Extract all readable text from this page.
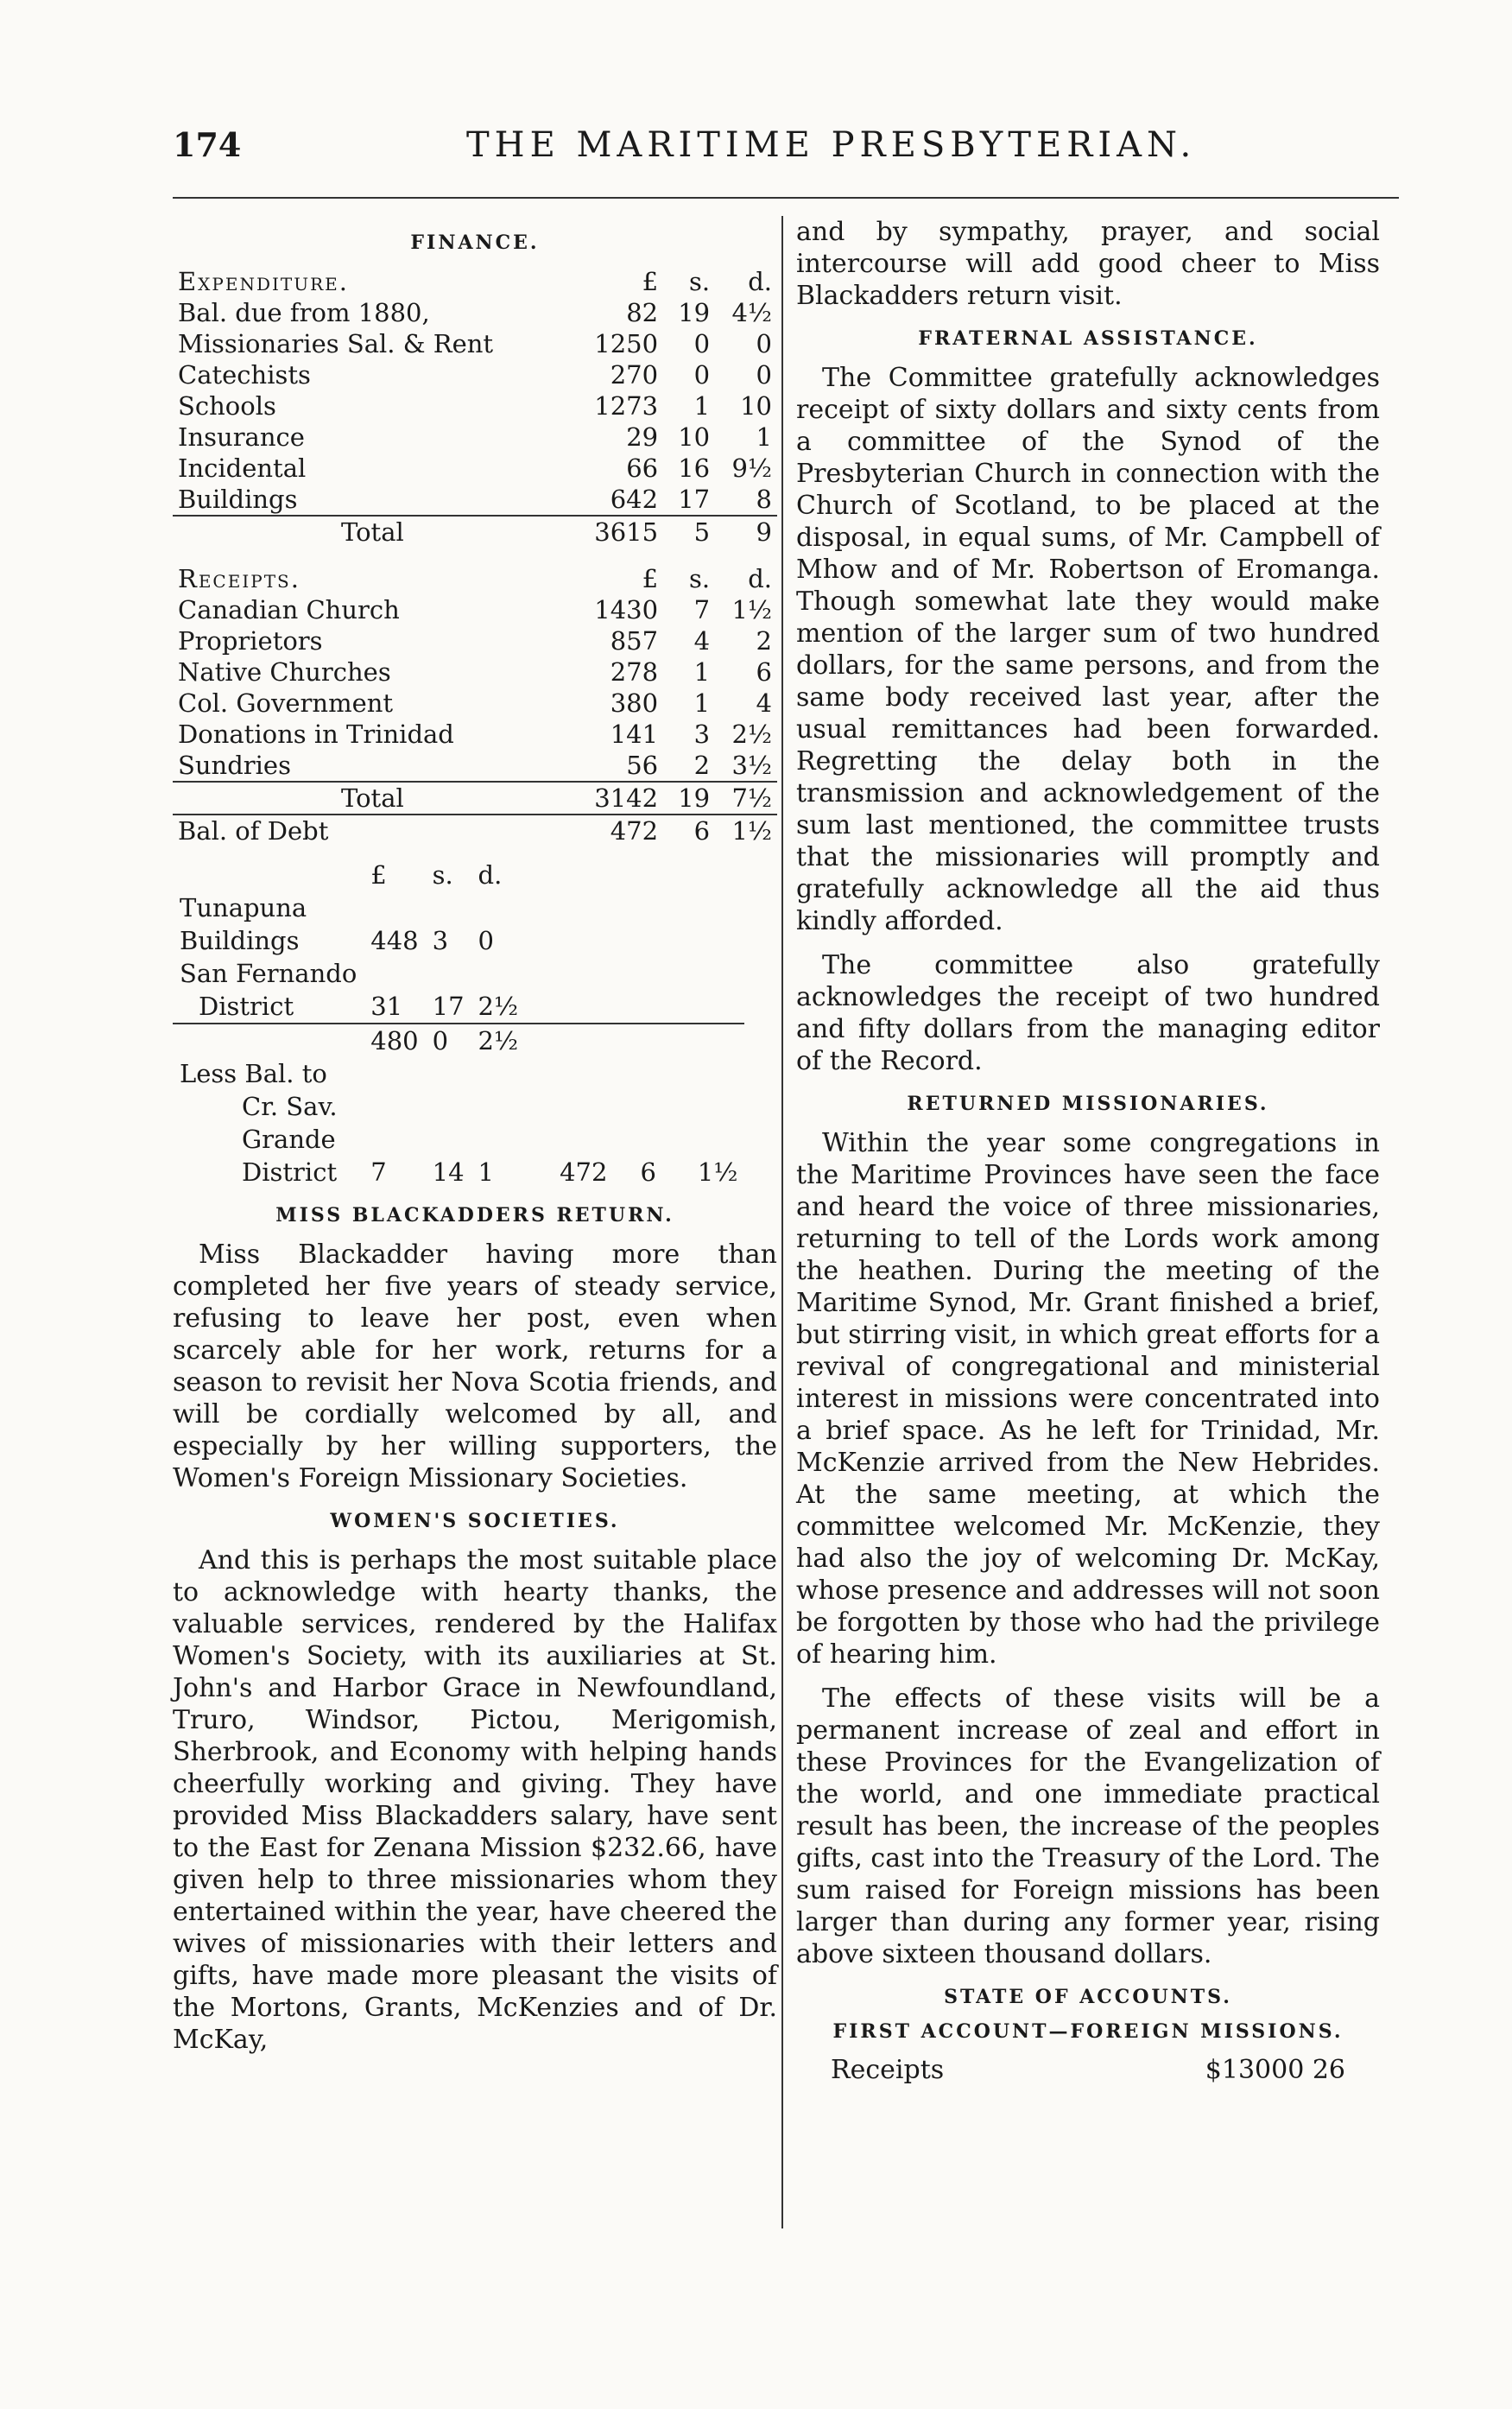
174	THE MARITIME PRESBYTERIAN.
FINANCE.
Expenditure.	£	s.	d.
Bal. due from 1880,	82	19	4½
Missionaries Sal. & Rent	1250	0	0
Catechists	270	0	0
Schools	1273	1	10
Insurance	29	10	1
Incidental	66	16	9½
Buildings	642	17	8
Total	3615	5	9

Receipts.	£	s.	d.
Canadian Church	1430	7	1½
Proprietors	857	4	2
Native Churches	278	1	6
Col. Government	380	1	4
Donations in Trinidad	141	3	2½
Sundries	56	2	3½
Total	3142	19	7½
Bal. of Debt	472	6	1½
	£	s.	d.			
Tunapuna						
Buildings	448	3	0			
San Fernando						
District	31	17	2½			
	480	0	2½			
Less Bal. to						
Cr. Sav.						
Grande						
District	7	14	1	472	6	1½
MISS BLACKADDERS RETURN.

Miss Blackadder having more than completed her five years of steady service, refusing to leave her post, even when scarcely able for her work, returns for a season to revisit her Nova Scotia friends, and will be cordially welcomed by all, and especially by her willing supporters, the Women's Foreign Missionary Societies.

WOMEN'S SOCIETIES.

And this is perhaps the most suitable place to acknowledge with hearty thanks, the valuable services, rendered by the Halifax Women's Society, with its auxiliaries at St. John's and Harbor Grace in Newfoundland, Truro, Windsor, Pictou, Merigomish, Sherbrook, and Economy with helping hands cheerfully working and giving. They have provided Miss Blackadders salary, have sent to the East for Zenana Mission $232.66, have given help to three missionaries whom they entertained within the year, have cheered the wives of missionaries with their letters and gifts, have made more pleasant the visits of the Mortons, Grants, McKenzies and of Dr. McKay,

and by sympathy, prayer, and social intercourse will add good cheer to Miss Blackadders return visit.

FRATERNAL ASSISTANCE.

The Committee gratefully acknowledges receipt of sixty dollars and sixty cents from a committee of the Synod of the Presbyterian Church in connection with the Church of Scotland, to be placed at the disposal, in equal sums, of Mr. Campbell of Mhow and of Mr. Robertson of Eromanga. Though somewhat late they would make mention of the larger sum of two hundred dollars, for the same persons, and from the same body received last year, after the usual remittances had been forwarded. Regretting the delay both in the transmission and acknowledgement of the sum last mentioned, the committee trusts that the missionaries will promptly and gratefully acknowledge all the aid thus kindly afforded.

The committee also gratefully acknowledges the receipt of two hundred and fifty dollars from the managing editor of the Record.

RETURNED MISSIONARIES.

Within the year some congregations in the Maritime Provinces have seen the face and heard the voice of three missionaries, returning to tell of the Lords work among the heathen. During the meeting of the Maritime Synod, Mr. Grant finished a brief, but stirring visit, in which great efforts for a revival of congregational and ministerial interest in missions were concentrated into a brief space. As he left for Trinidad, Mr. McKenzie arrived from the New Hebrides. At the same meeting, at which the committee welcomed Mr. McKenzie, they had also the joy of welcoming Dr. McKay, whose presence and addresses will not soon be forgotten by those who had the privilege of hearing him.

The effects of these visits will be a permanent increase of zeal and effort in these Provinces for the Evangelization of the world, and one immediate practical result has been, the increase of the peoples gifts, cast into the Treasury of the Lord. The sum raised for Foreign missions has been larger than during any former year, rising above sixteen thousand dollars.

STATE OF ACCOUNTS.
FIRST ACCOUNT—FOREIGN MISSIONS.
Receipts	$13000 26
